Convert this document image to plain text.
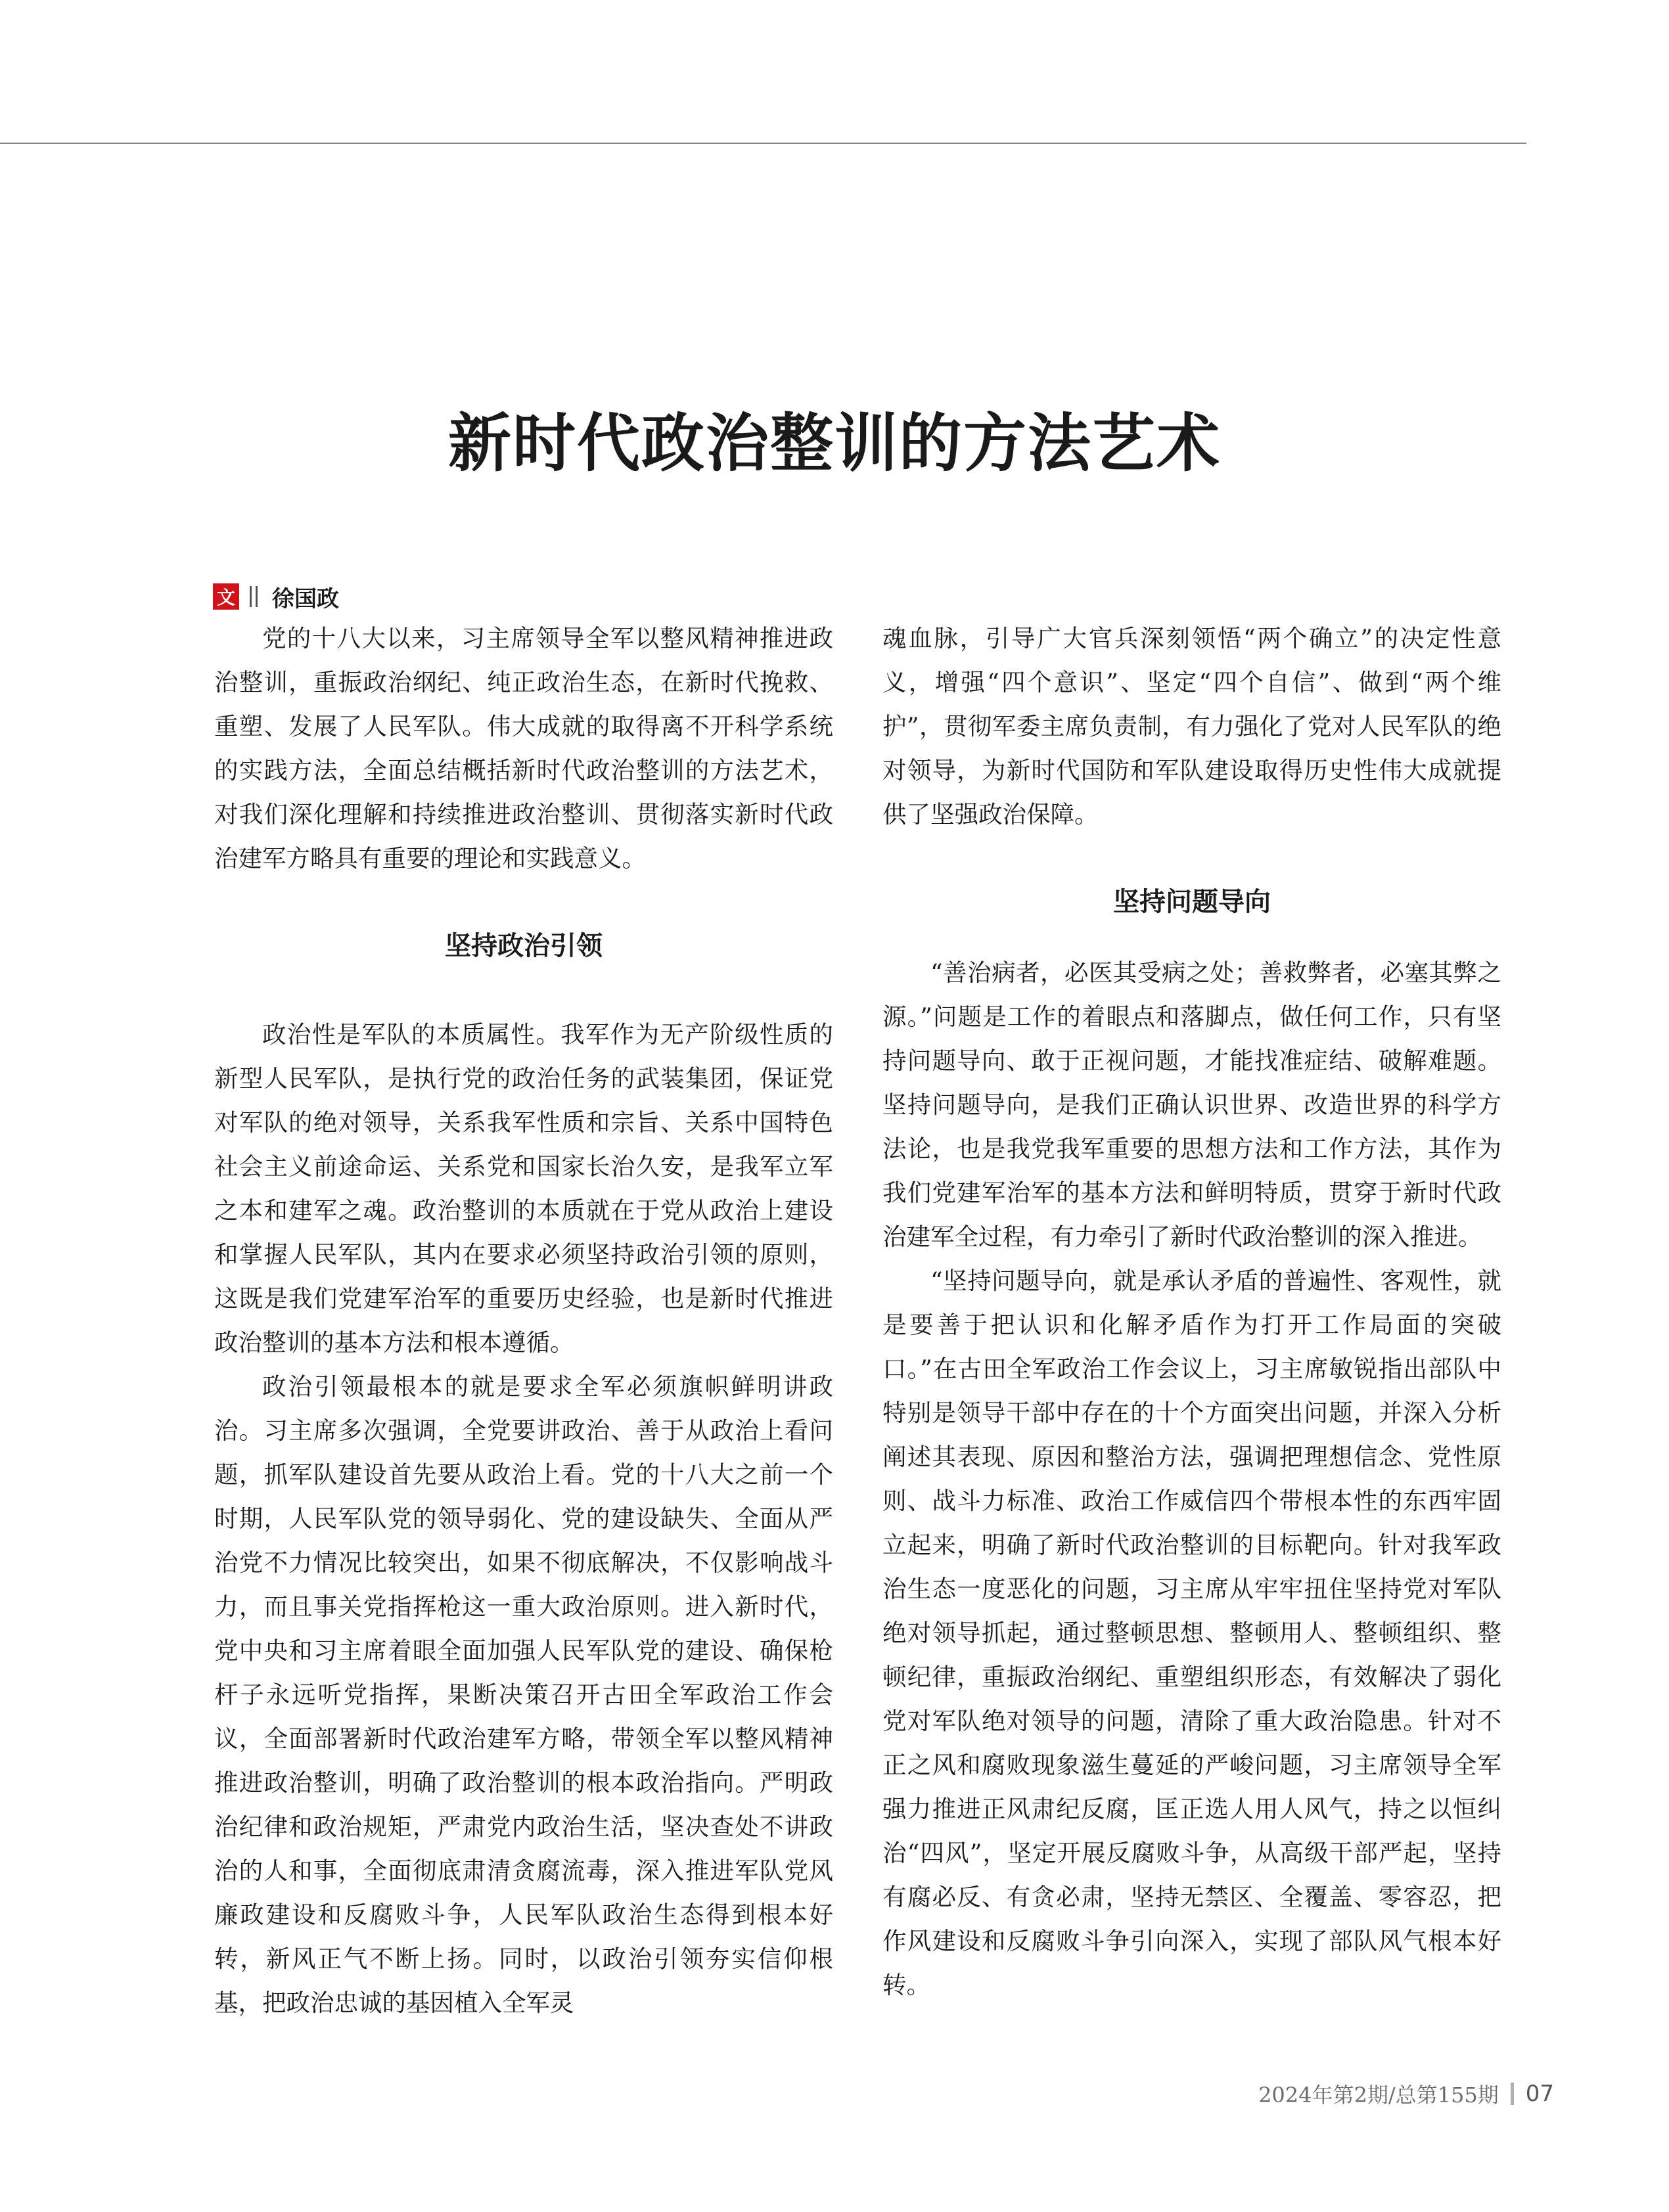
新时代政治整训的方法艺术
文 徐国政

党的十八大以来，习主席领导全军以整风精神推进政治整训，重振政治纲纪、纯正政治生态，在新时代挽救、重塑、发展了人民军队。伟大成就的取得离不开科学系统的实践方法，全面总结概括新时代政治整训的方法艺术，对我们深化理解和持续推进政治整训、贯彻落实新时代政治建军方略具有重要的理论和实践意义。

坚持政治引领

政治性是军队的本质属性。我军作为无产阶级性质的新型人民军队，是执行党的政治任务的武装集团，保证党对军队的绝对领导，关系我军性质和宗旨、关系中国特色社会主义前途命运、关系党和国家长治久安，是我军立军之本和建军之魂。政治整训的本质就在于党从政治上建设和掌握人民军队，其内在要求必须坚持政治引领的原则，这既是我们党建军治军的重要历史经验，也是新时代推进政治整训的基本方法和根本遵循。

政治引领最根本的就是要求全军必须旗帜鲜明讲政治。习主席多次强调，全党要讲政治、善于从政治上看问题，抓军队建设首先要从政治上看。党的十八大之前一个时期，人民军队党的领导弱化、党的建设缺失、全面从严治党不力情况比较突出，如果不彻底解决，不仅影响战斗力，而且事关党指挥枪这一重大政治原则。进入新时代，党中央和习主席着眼全面加强人民军队党的建设、确保枪杆子永远听党指挥，果断决策召开古田全军政治工作会议，全面部署新时代政治建军方略，带领全军以整风精神推进政治整训，明确了政治整训的根本政治指向。严明政治纪律和政治规矩，严肃党内政治生活，坚决查处不讲政治的人和事，全面彻底肃清贪腐流毒，深入推进军队党风廉政建设和反腐败斗争，人民军队政治生态得到根本好转，新风正气不断上扬。同时，以政治引领夯实信仰根基，把政治忠诚的基因植入全军灵

魂血脉，引导广大官兵深刻领悟“两个确立”的决定性意义，增强“四个意识”、坚定“四个自信”、做到“两个维护”，贯彻军委主席负责制，有力强化了党对人民军队的绝对领导，为新时代国防和军队建设取得历史性伟大成就提供了坚强政治保障。

坚持问题导向

“善治病者，必医其受病之处；善救弊者，必塞其弊之源。”问题是工作的着眼点和落脚点，做任何工作，只有坚持问题导向、敢于正视问题，才能找准症结、破解难题。坚持问题导向，是我们正确认识世界、改造世界的科学方法论，也是我党我军重要的思想方法和工作方法，其作为我们党建军治军的基本方法和鲜明特质，贯穿于新时代政治建军全过程，有力牵引了新时代政治整训的深入推进。

“坚持问题导向，就是承认矛盾的普遍性、客观性，就是要善于把认识和化解矛盾作为打开工作局面的突破口。”在古田全军政治工作会议上，习主席敏锐指出部队中特别是领导干部中存在的十个方面突出问题，并深入分析阐述其表现、原因和整治方法，强调把理想信念、党性原则、战斗力标准、政治工作威信四个带根本性的东西牢固立起来，明确了新时代政治整训的目标靶向。针对我军政治生态一度恶化的问题，习主席从牢牢扭住坚持党对军队绝对领导抓起，通过整顿思想、整顿用人、整顿组织、整顿纪律，重振政治纲纪、重塑组织形态，有效解决了弱化党对军队绝对领导的问题，清除了重大政治隐患。针对不正之风和腐败现象滋生蔓延的严峻问题，习主席领导全军强力推进正风肃纪反腐，匡正选人用人风气，持之以恒纠治“四风”，坚定开展反腐败斗争，从高级干部严起，坚持有腐必反、有贪必肃，坚持无禁区、全覆盖、零容忍，把作风建设和反腐败斗争引向深入，实现了部队风气根本好转。

2024年第2期/总第155期 07
